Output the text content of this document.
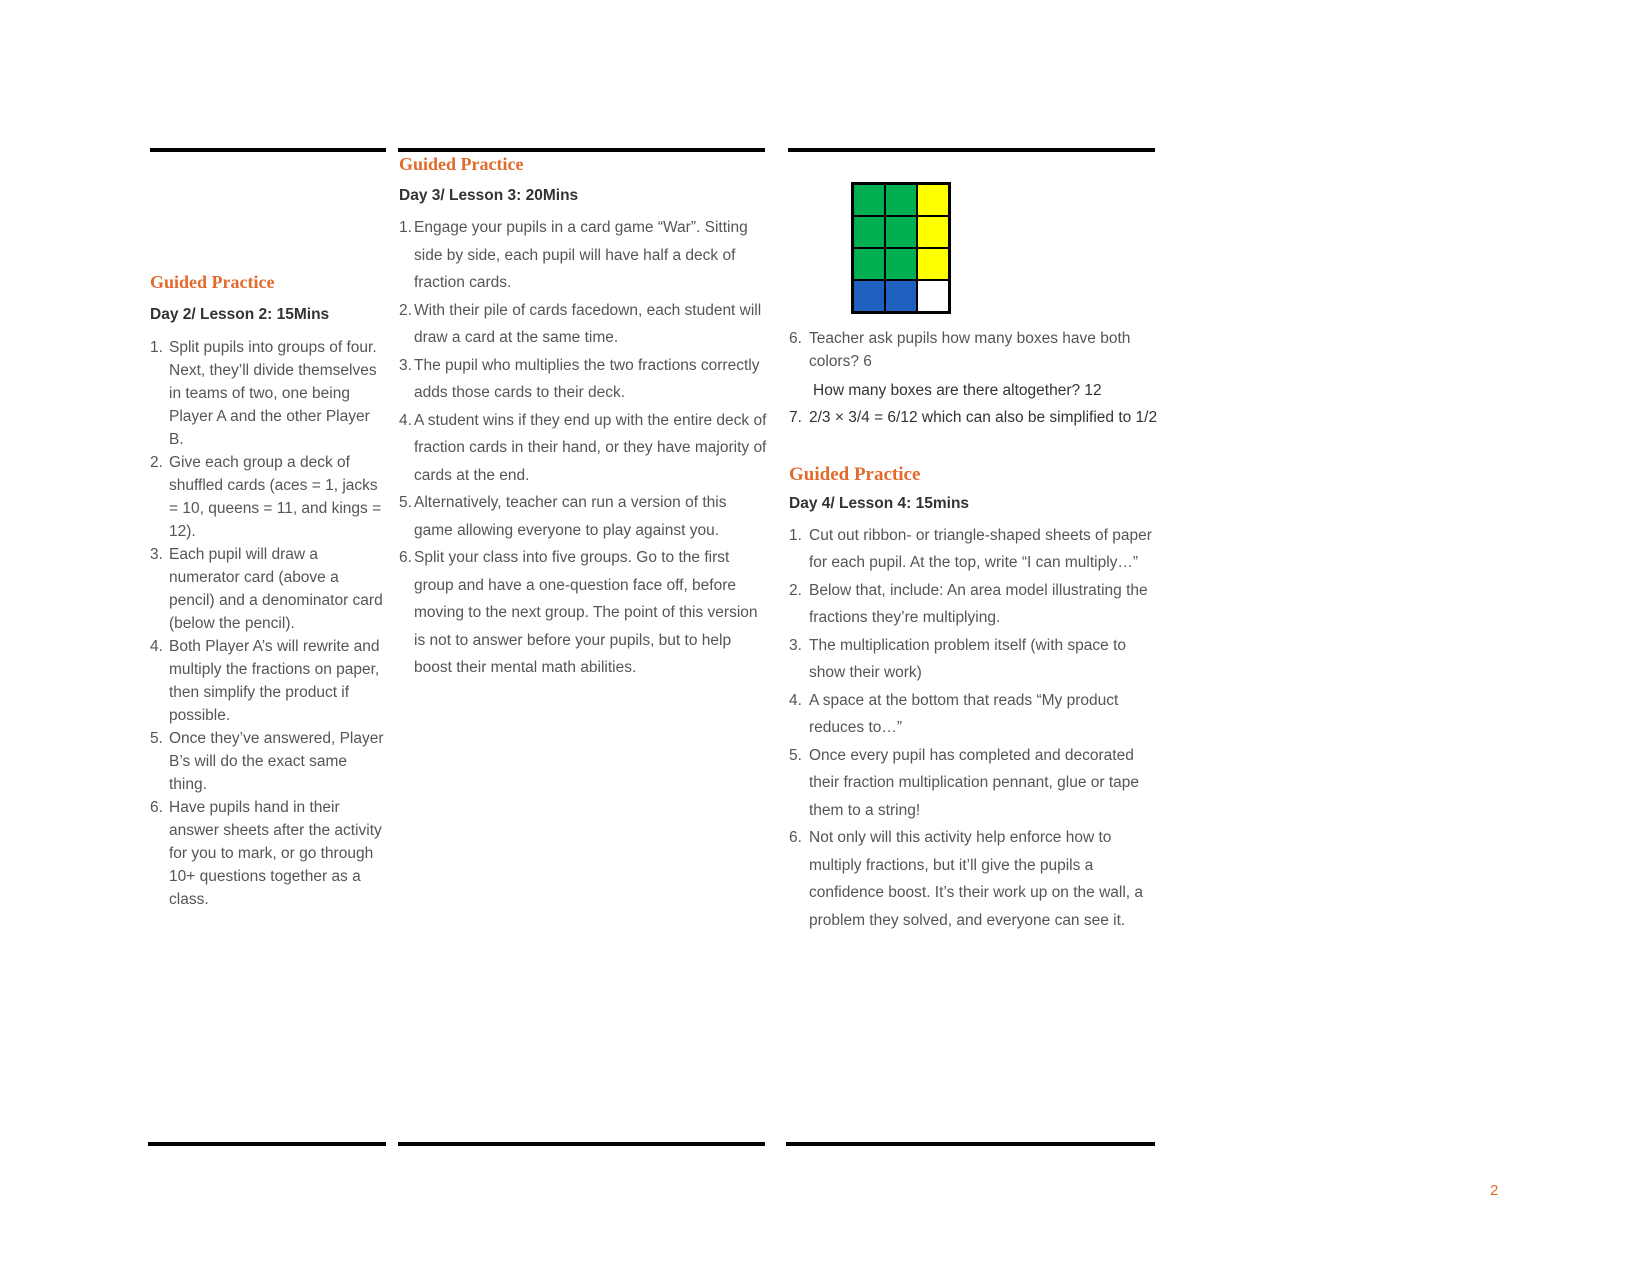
Guided Practice

Day 2/ Lesson 2: 15Mins

1. Split pupils into groups of four. Next, they’ll divide themselves in teams of two, one being Player A and the other Player B.
2. Give each group a deck of shuffled cards (aces = 1, jacks = 10, queens = 11, and kings = 12).
3. Each pupil will draw a numerator card (above a pencil) and a denominator card (below the pencil).
4. Both Player A’s will rewrite and multiply the fractions on paper, then simplify the product if possible.
5. Once they’ve answered, Player B’s will do the exact same thing.
6. Have pupils hand in their answer sheets after the activity for you to mark, or go through 10+ questions together as a class.
Guided Practice

Day 3/ Lesson 3: 20Mins

1. Engage your pupils in a card game “War”. Sitting side by side, each pupil will have half a deck of fraction cards.
2. With their pile of cards facedown, each student will draw a card at the same time.
3. The pupil who multiplies the two fractions correctly adds those cards to their deck.
4. A student wins if they end up with the entire deck of fraction cards in their hand, or they have majority of cards at the end.
5. Alternatively, teacher can run a version of this game allowing everyone to play against you.
6. Split your class into five groups. Go to the first group and have a one-question face off, before moving to the next group. The point of this version is not to answer before your pupils, but to help boost their mental math abilities.
6. Teacher ask pupils how many boxes have both colors? 6
How many boxes are there altogether? 12
7. 2/3 × 3/4 = 6/12 which can also be simplified to 1/2
Guided Practice

Day 4/ Lesson 4: 15mins

1. Cut out ribbon- or triangle-shaped sheets of paper for each pupil. At the top, write “I can multiply…”
2. Below that, include: An area model illustrating the fractions they’re multiplying.
3. The multiplication problem itself (with space to show their work)
4. A space at the bottom that reads “My product reduces to…”
5. Once every pupil has completed and decorated their fraction multiplication pennant, glue or tape them to a string!
6. Not only will this activity help enforce how to multiply fractions, but it’ll give the pupils a confidence boost. It’s their work up on the wall, a problem they solved, and everyone can see it.
2
